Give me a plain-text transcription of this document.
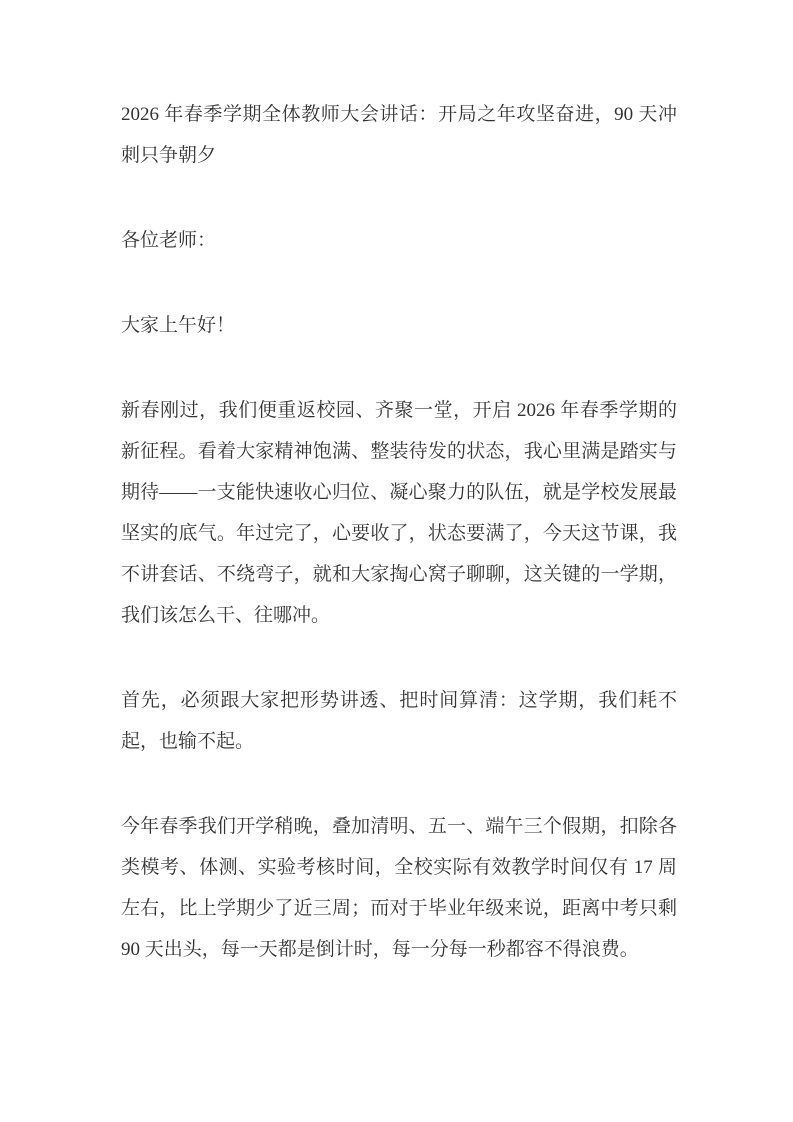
2026 年春季学期全体教师大会讲话：开局之年攻坚奋进，90 天冲刺只争朝夕

各位老师：

大家上午好！

新春刚过，我们便重返校园、齐聚一堂，开启 2026 年春季学期的新征程。看着大家精神饱满、整装待发的状态，我心里满是踏实与期待——一支能快速收心归位、凝心聚力的队伍，就是学校发展最坚实的底气。年过完了，心要收了，状态要满了，今天这节课，我不讲套话、不绕弯子，就和大家掏心窝子聊聊，这关键的一学期，我们该怎么干、往哪冲。

首先，必须跟大家把形势讲透、把时间算清：这学期，我们耗不起，也输不起。

今年春季我们开学稍晚，叠加清明、五一、端午三个假期，扣除各类模考、体测、实验考核时间，全校实际有效教学时间仅有 17 周左右，比上学期少了近三周；而对于毕业年级来说，距离中考只剩 90 天出头，每一天都是倒计时，每一分每一秒都容不得浪费。
